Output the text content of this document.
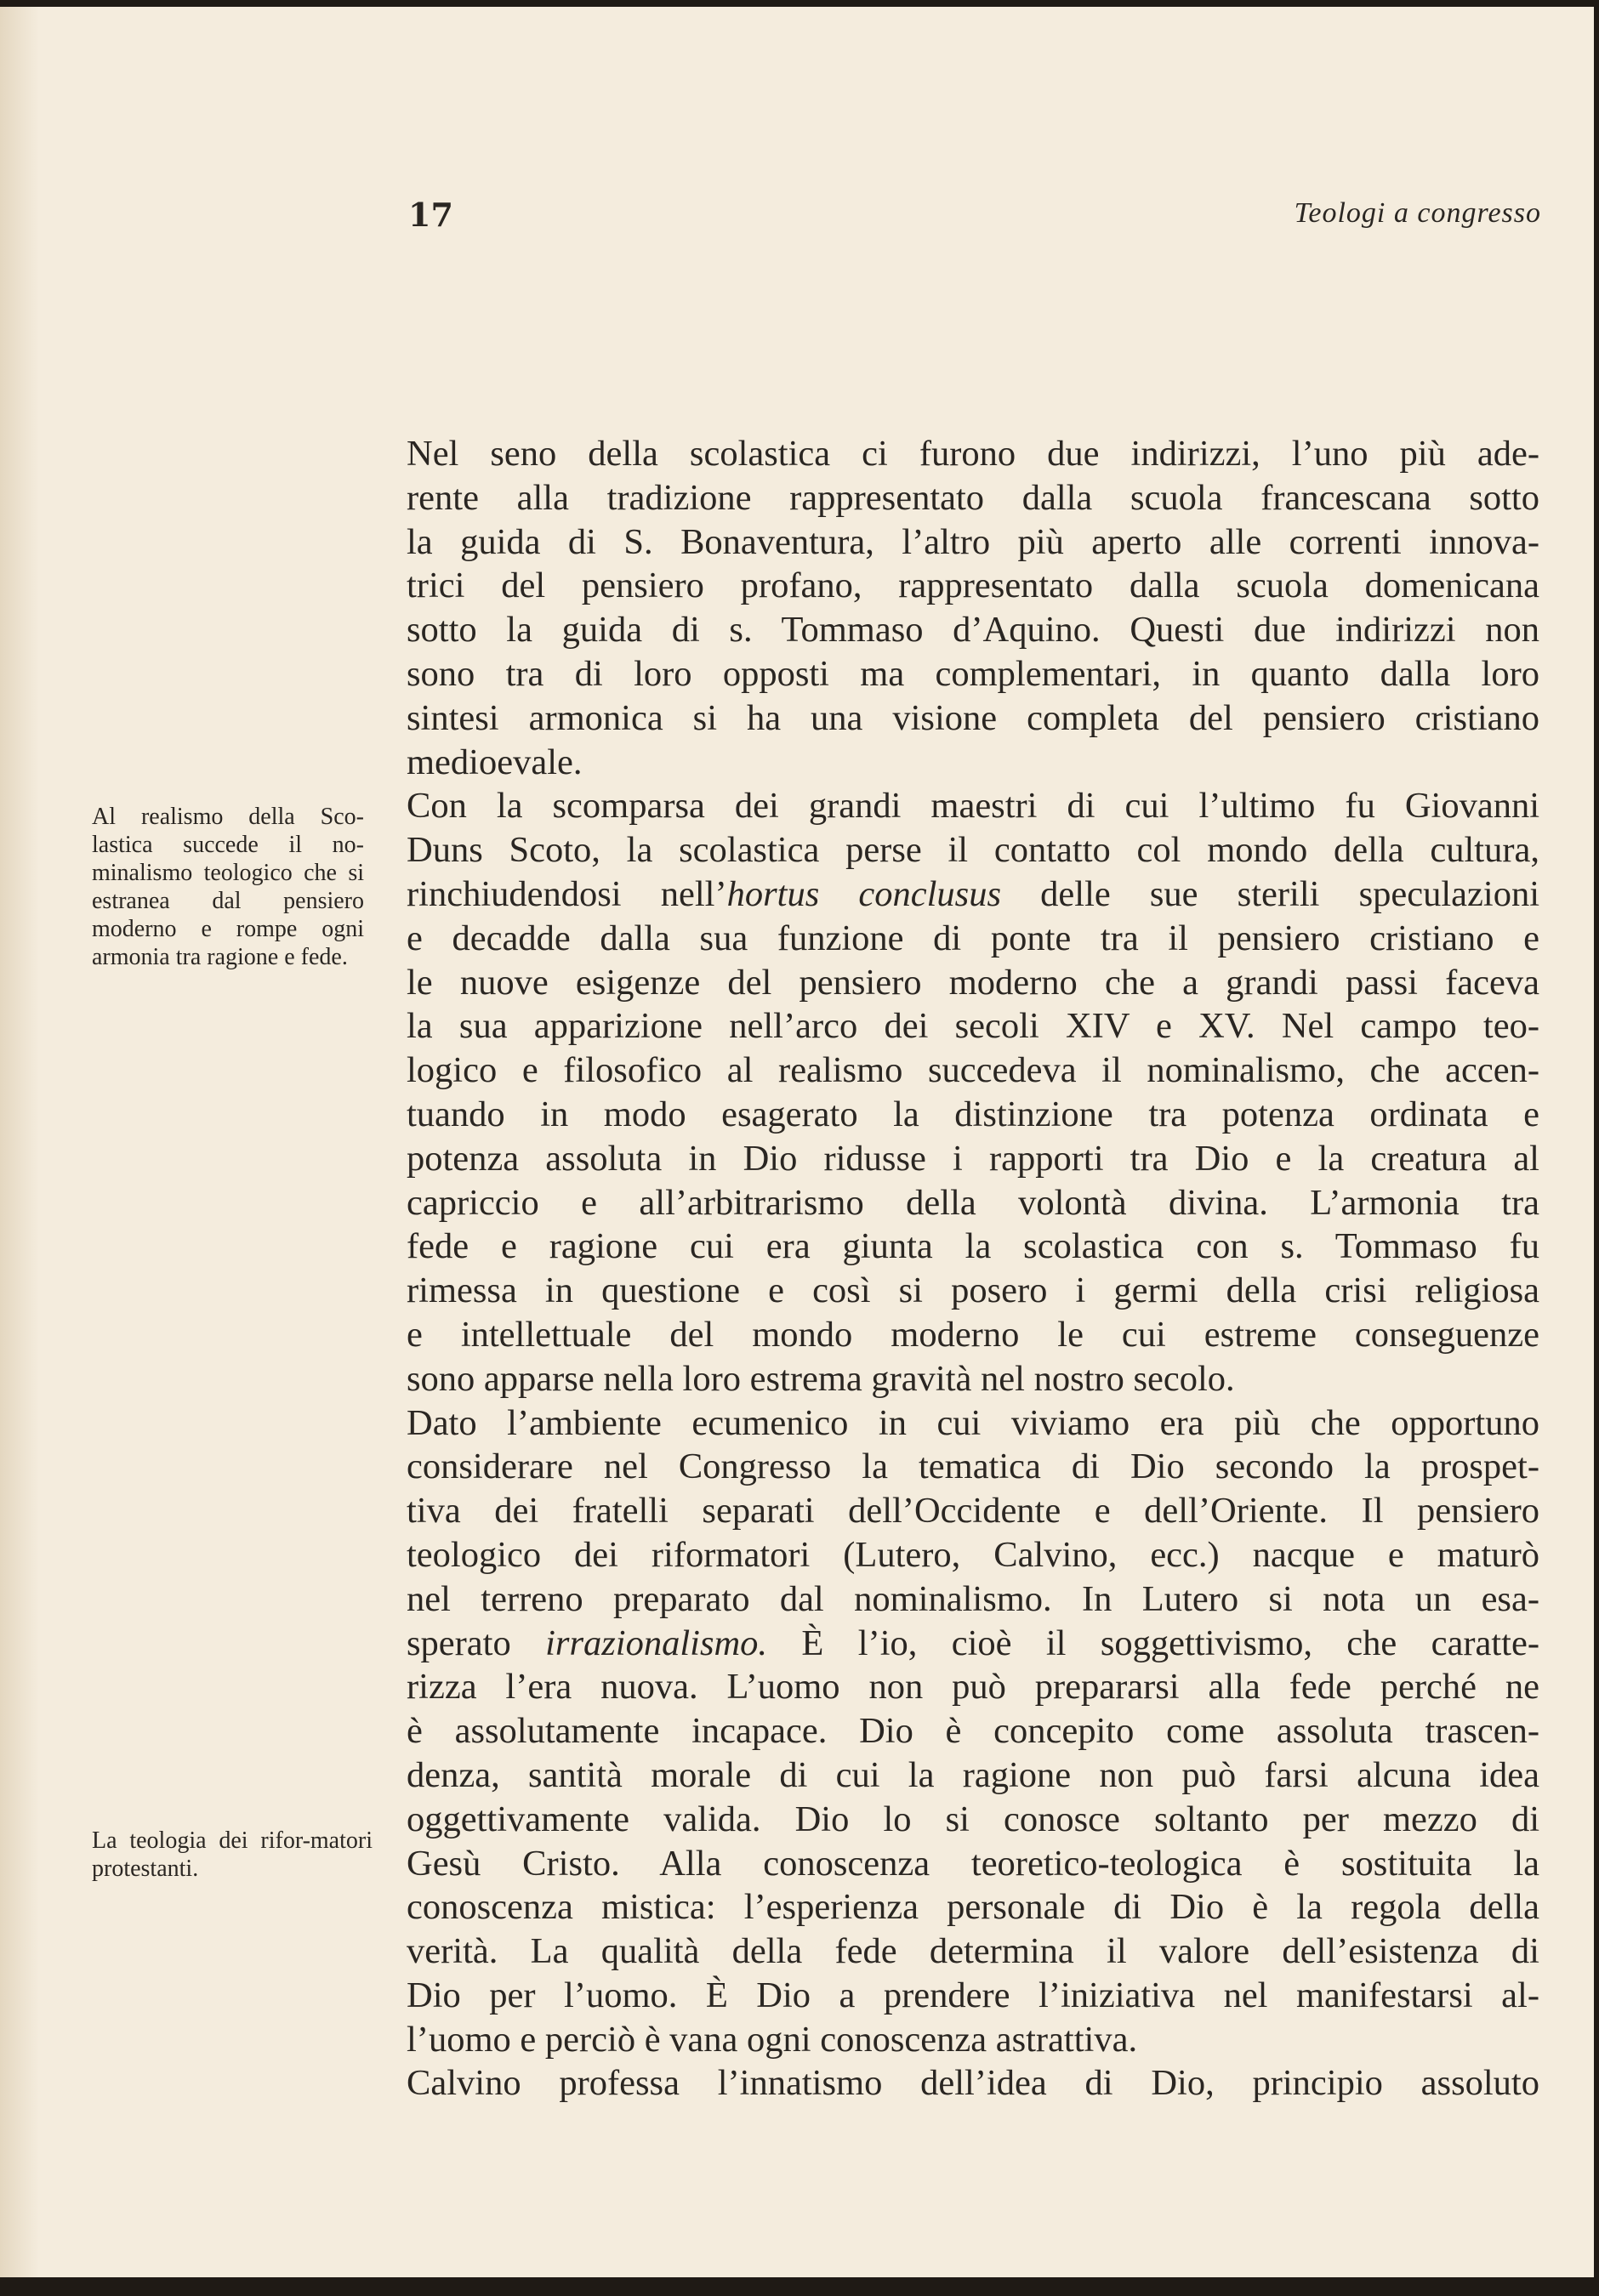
17	Teologi a congresso
Al realismo della Sco-lastica succede il no-minalismo teologico che si estranea dal pensiero moderno e rompe ogni armonia tra ragione e fede.
La teologia dei rifor-matori protestanti.
Nel seno della scolastica ci furono due indirizzi, l’uno più ade-
rente alla tradizione rappresentato dalla scuola francescana sotto
la guida di S. Bonaventura, l’altro più aperto alle correnti innova-
trici del pensiero profano, rappresentato dalla scuola domenicana
sotto la guida di s. Tommaso d’Aquino. Questi due indirizzi non
sono tra di loro opposti ma complementari, in quanto dalla loro
sintesi armonica si ha una visione completa del pensiero cristiano
medioevale.
Con la scomparsa dei grandi maestri di cui l’ultimo fu Giovanni
Duns Scoto, la scolastica perse il contatto col mondo della cultura,
rinchiudendosi nell’hortus conclusus delle sue sterili speculazioni
e decadde dalla sua funzione di ponte tra il pensiero cristiano e
le nuove esigenze del pensiero moderno che a grandi passi faceva
la sua apparizione nell’arco dei secoli XIV e XV. Nel campo teo-
logico e filosofico al realismo succedeva il nominalismo, che accen-
tuando in modo esagerato la distinzione tra potenza ordinata e
potenza assoluta in Dio ridusse i rapporti tra Dio e la creatura al
capriccio e all’arbitrarismo della volontà divina. L’armonia tra
fede e ragione cui era giunta la scolastica con s. Tommaso fu
rimessa in questione e così si posero i germi della crisi religiosa
e intellettuale del mondo moderno le cui estreme conseguenze
sono apparse nella loro estrema gravità nel nostro secolo.
Dato l’ambiente ecumenico in cui viviamo era più che opportuno
considerare nel Congresso la tematica di Dio secondo la prospet-
tiva dei fratelli separati dell’Occidente e dell’Oriente. Il pensiero
teologico dei riformatori (Lutero, Calvino, ecc.) nacque e maturò
nel terreno preparato dal nominalismo. In Lutero si nota un esa-
sperato irrazionalismo. È l’io, cioè il soggettivismo, che caratte-
rizza l’era nuova. L’uomo non può prepararsi alla fede perché ne
è assolutamente incapace. Dio è concepito come assoluta trascen-
denza, santità morale di cui la ragione non può farsi alcuna idea
oggettivamente valida. Dio lo si conosce soltanto per mezzo di
Gesù Cristo. Alla conoscenza teoretico-teologica è sostituita la
conoscenza mistica: l’esperienza personale di Dio è la regola della
verità. La qualità della fede determina il valore dell’esistenza di
Dio per l’uomo. È Dio a prendere l’iniziativa nel manifestarsi al-
l’uomo e perciò è vana ogni conoscenza astrattiva.
Calvino professa l’innatismo dell’idea di Dio, principio assoluto
